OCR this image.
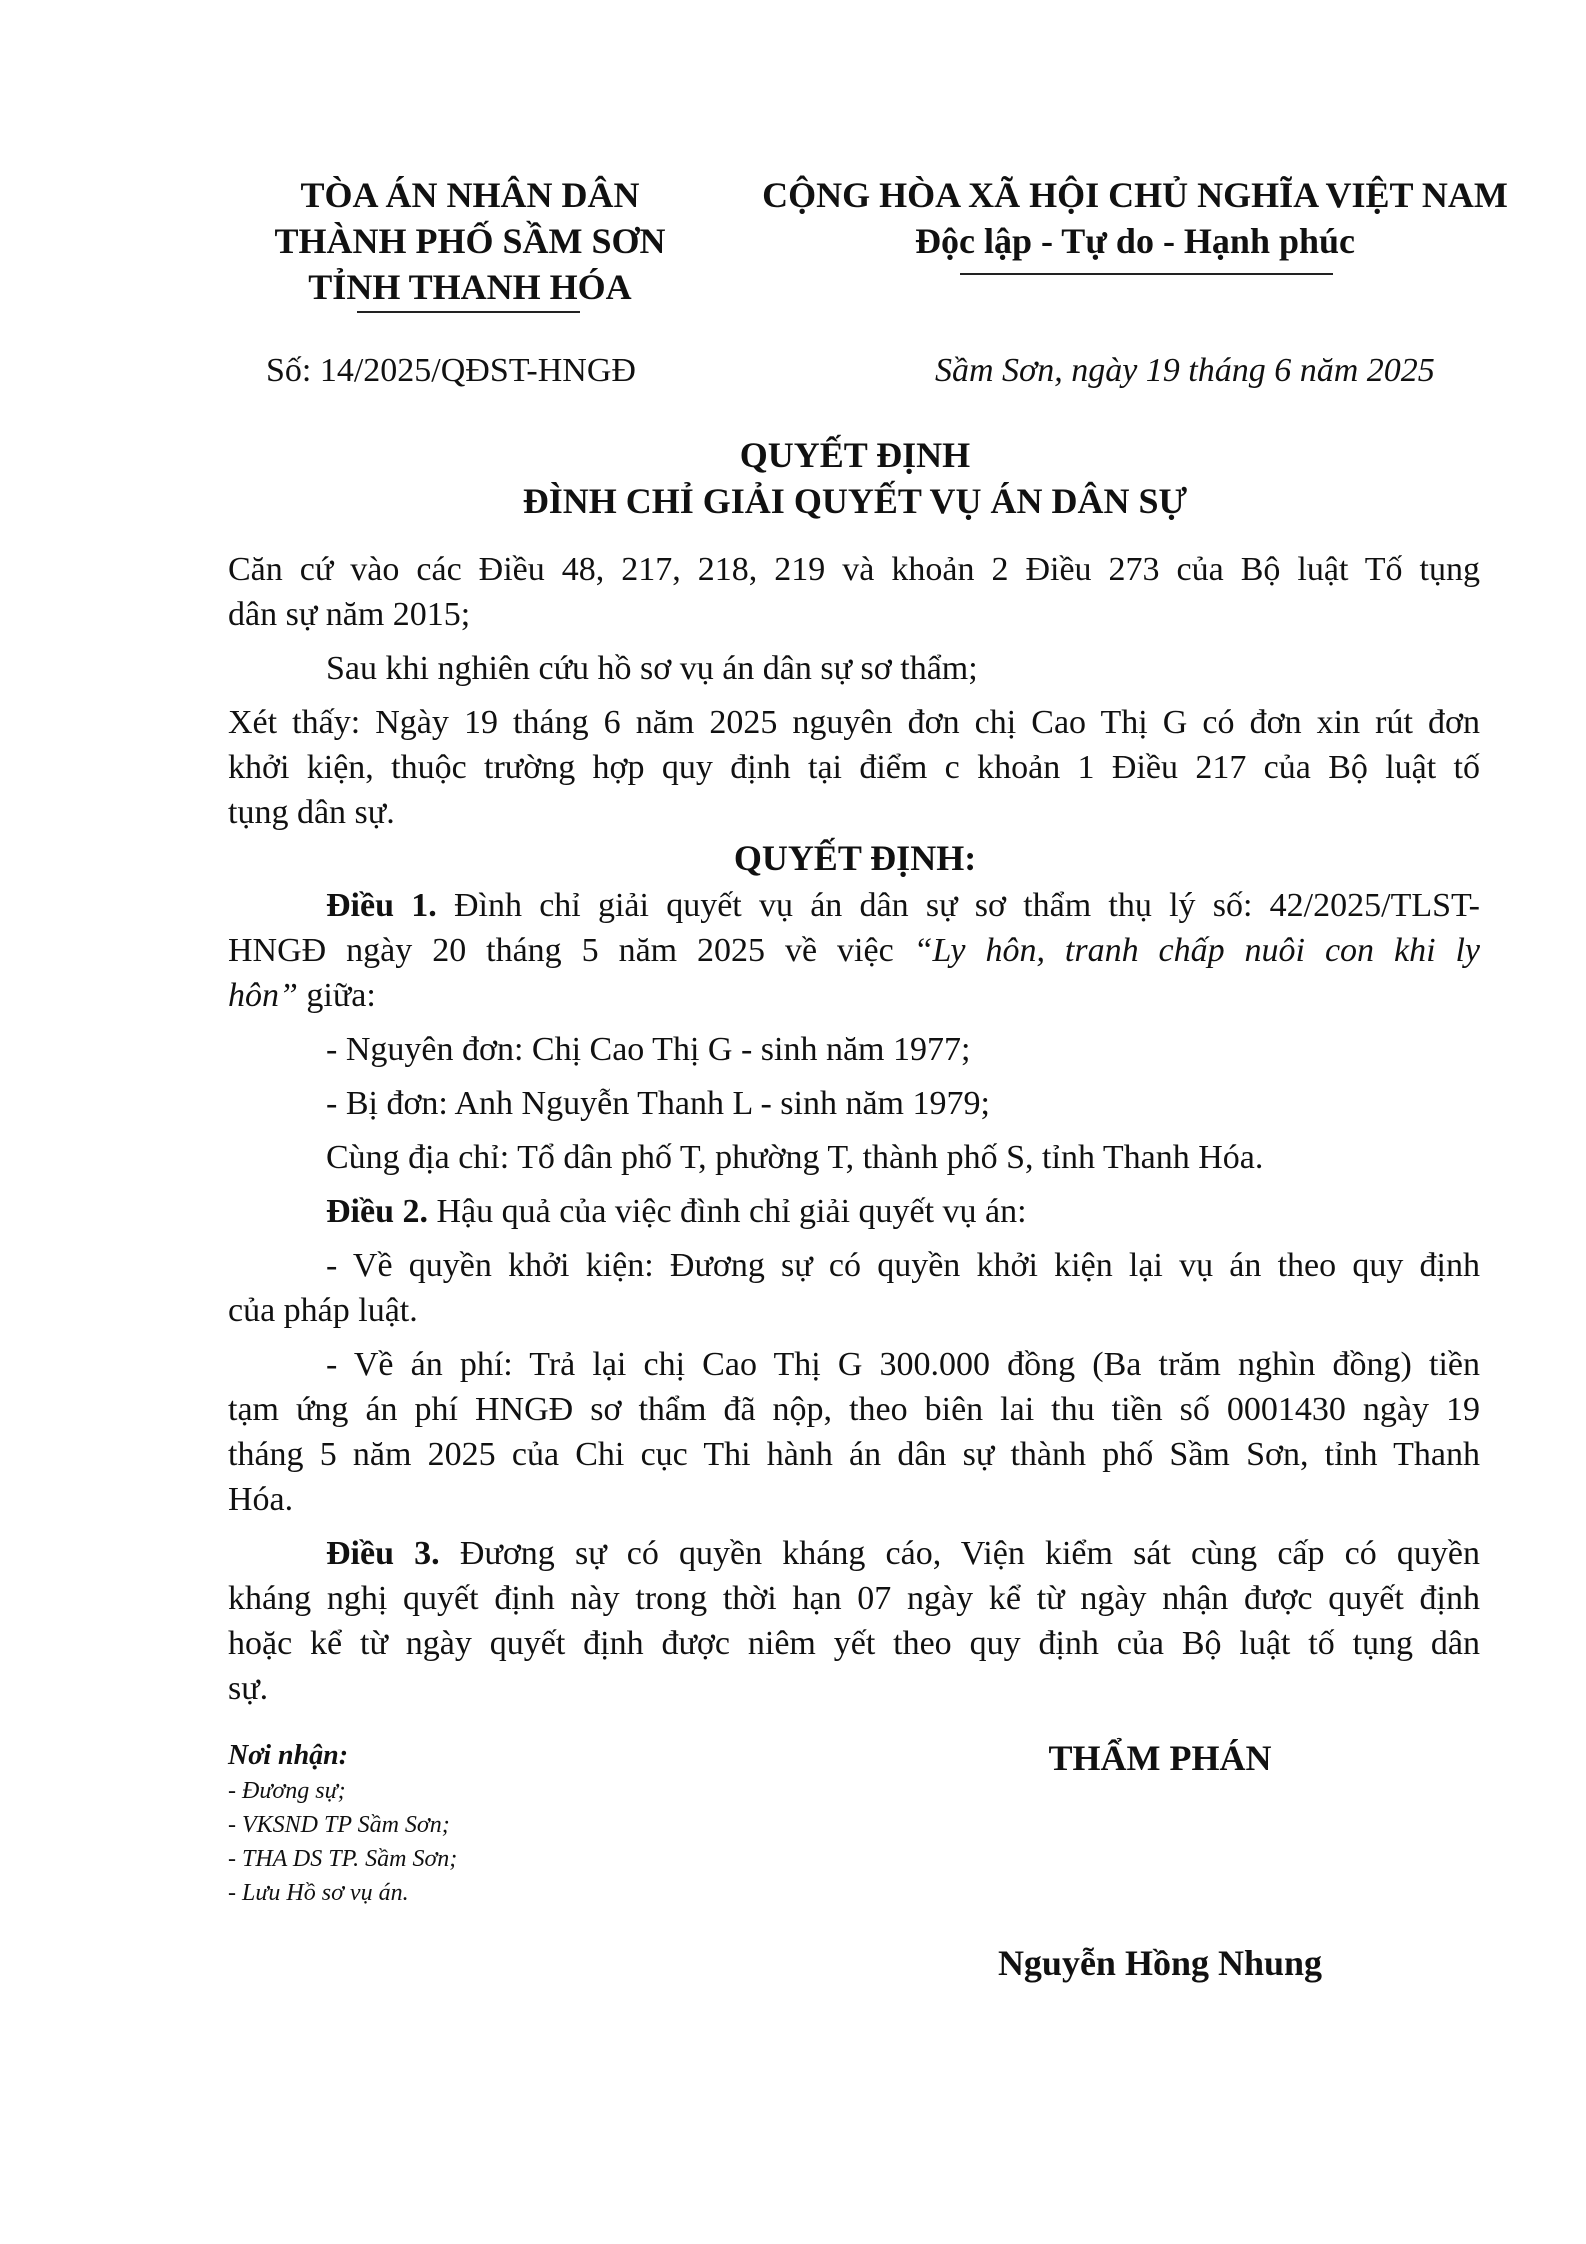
TÒA ÁN NHÂN DÂN
THÀNH PHỐ SẦM SƠN
TỈNH THANH HÓA
CỘNG HÒA XÃ HỘI CHỦ NGHĨA VIỆT NAM
Độc lập - Tự do - Hạnh phúc
Số: 14/2025/QĐST-HNGĐ	Sầm Sơn, ngày 19 tháng 6 năm 2025
QUYẾT ĐỊNH
ĐÌNH CHỈ GIẢI QUYẾT VỤ ÁN DÂN SỰ
Căn cứ vào các Điều 48, 217, 218, 219 và khoản 2 Điều 273 của Bộ luật Tố tụng
dân sự năm 2015;
Sau khi nghiên cứu hồ sơ vụ án dân sự sơ thẩm;
Xét thấy: Ngày 19 tháng 6 năm 2025 nguyên đơn chị Cao Thị G có đơn xin rút đơn
khởi kiện, thuộc trường hợp quy định tại điểm c khoản 1 Điều 217 của Bộ luật tố
tụng dân sự.
QUYẾT ĐỊNH:
Điều 1. Đình chỉ giải quyết vụ án dân sự sơ thẩm thụ lý số: 42/2025/TLST-
HNGĐ ngày 20 tháng 5 năm 2025 về việc “Ly hôn, tranh chấp nuôi con khi ly
hôn” giữa:
- Nguyên đơn: Chị Cao Thị G - sinh năm 1977;
- Bị đơn: Anh Nguyễn Thanh L - sinh năm 1979;
Cùng địa chỉ: Tổ dân phố T, phường T, thành phố S, tỉnh Thanh Hóa.
Điều 2. Hậu quả của việc đình chỉ giải quyết vụ án:
- Về quyền khởi kiện: Đương sự có quyền khởi kiện lại vụ án theo quy định
của pháp luật.
- Về án phí: Trả lại chị Cao Thị G 300.000 đồng (Ba trăm nghìn đồng) tiền
tạm ứng án phí HNGĐ sơ thẩm đã nộp, theo biên lai thu tiền số 0001430 ngày 19
tháng 5 năm 2025 của Chi cục Thi hành án dân sự thành phố Sầm Sơn, tỉnh Thanh
Hóa.
Điều 3. Đương sự có quyền kháng cáo, Viện kiểm sát cùng cấp có quyền
kháng nghị quyết định này trong thời hạn 07 ngày kể từ ngày nhận được quyết định
hoặc kể từ ngày quyết định được niêm yết theo quy định của Bộ luật tố tụng dân
sự.
Nơi nhận:
- Đương sự;
- VKSND TP Sầm Sơn;
- THA DS TP. Sầm Sơn;
- Lưu Hồ sơ vụ án.
THẨM PHÁN
Nguyễn Hồng Nhung
